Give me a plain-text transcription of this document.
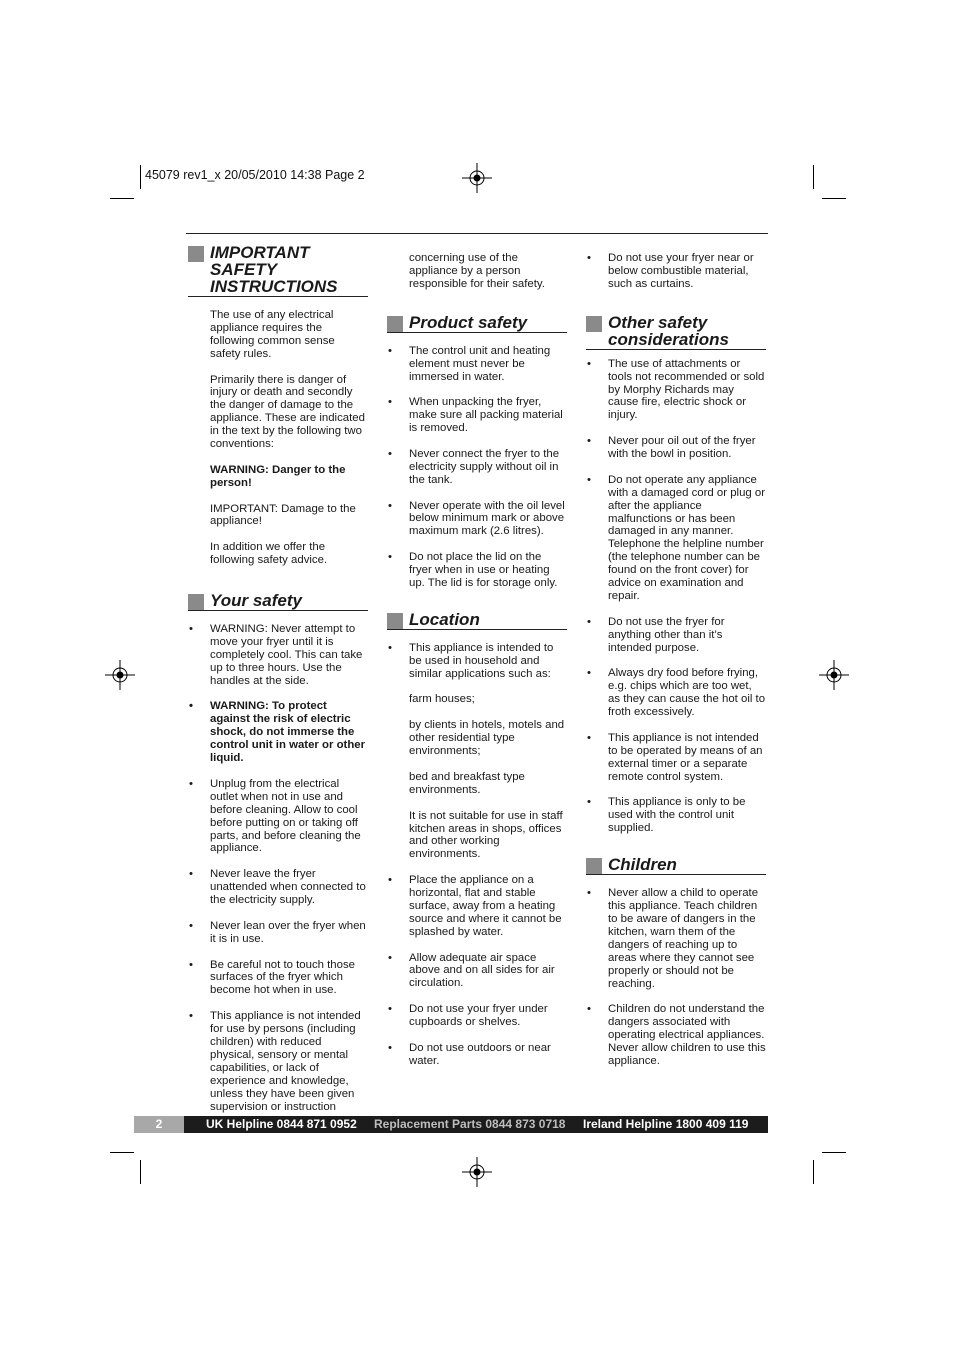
45079 rev1_x 20/05/2010 14:38 Page 2
IMPORTANT
SAFETY
INSTRUCTIONS
The use of any electrical appliance requires the following common sense safety rules.
Primarily there is danger of injury or death and secondly the danger of damage to the appliance. These are indicated in the text by the following two conventions:
WARNING: Danger to the person!
IMPORTANT: Damage to the appliance!
In addition we offer the following safety advice.
Your safety
• WARNING: Never attempt to move your fryer until it is completely cool. This can take up to three hours. Use the handles at the side.
• WARNING: To protect against the risk of electric shock, do not immerse the control unit in water or other liquid.
• Unplug from the electrical outlet when not in use and before cleaning. Allow to cool before putting on or taking off parts, and before cleaning the appliance.
• Never leave the fryer unattended when connected to the electricity supply.
• Never lean over the fryer when it is in use.
• Be careful not to touch those surfaces of the fryer which become hot when in use.
• This appliance is not intended for use by persons (including children) with reduced physical, sensory or mental capabilities, or lack of experience and knowledge, unless they have been given supervision or instruction
concerning use of the appliance by a person responsible for their safety.
Product safety
• The control unit and heating element must never be immersed in water.
• When unpacking the fryer, make sure all packing material is removed.
• Never connect the fryer to the electricity supply without oil in the tank.
• Never operate with the oil level below minimum mark or above maximum mark (2.6 litres).
• Do not place the lid on the fryer when in use or heating up. The lid is for storage only.
Location
• This appliance is intended to be used in household and similar applications such as:
farm houses;
by clients in hotels, motels and other residential type environments;
bed and breakfast type environments.
It is not suitable for use in staff kitchen areas in shops, offices and other working environments.
• Place the appliance on a horizontal, flat and stable surface, away from a heating source and where it cannot be splashed by water.
• Allow adequate air space above and on all sides for air circulation.
• Do not use your fryer under cupboards or shelves.
• Do not use outdoors or near water.
• Do not use your fryer near or below combustible material, such as curtains.
Other safety
considerations
• The use of attachments or tools not recommended or sold by Morphy Richards may cause fire, electric shock or injury.
• Never pour oil out of the fryer with the bowl in position.
• Do not operate any appliance with a damaged cord or plug or after the appliance malfunctions or has been damaged in any manner. Telephone the helpline number (the telephone number can be found on the front cover) for advice on examination and repair.
• Do not use the fryer for anything other than it’s intended purpose.
• Always dry food before frying, e.g. chips which are too wet, as they can cause the hot oil to froth excessively.
• This appliance is not intended to be operated by means of an external timer or a separate remote control system.
• This appliance is only to be used with the control unit supplied.
Children
• Never allow a child to operate this appliance. Teach children to be aware of dangers in the kitchen, warn them of the dangers of reaching up to areas where they cannot see properly or should not be reaching.
• Children do not understand the dangers associated with operating electrical appliances. Never allow children to use this appliance.
2	UK Helpline 0844 871 0952 Replacement Parts 0844 873 0718 Ireland Helpline 1800 409 119
